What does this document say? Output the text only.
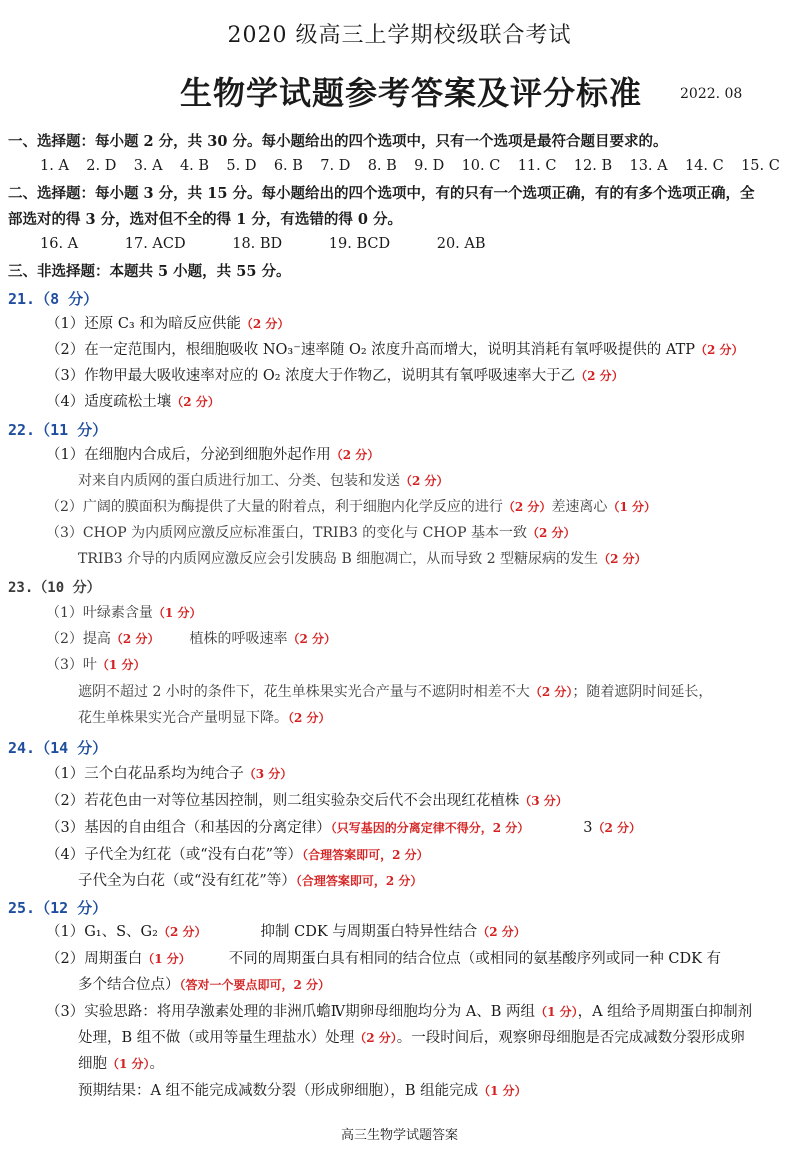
2020 级高三上学期校级联合考试
生物学试题参考答案及评分标准	2022. 08
一、选择题：每小题 2 分，共 30 分。每小题给出的四个选项中，只有一个选项是最符合题目要求的。
1. A 2. D 3. A 4. B 5. D 6. B 7. D 8. B 9. D 10. C 11. C 12. B 13. A 14. C 15. C
二、选择题：每小题 3 分，共 15 分。每小题给出的四个选项中，有的只有一个选项正确，有的有多个选项正确，全
部选对的得 3 分，选对但不全的得 1 分，有选错的得 0 分。
16. A	17. ACD	18. BD	19. BCD	20. AB
三、非选择题：本题共 5 小题，共 55 分。
21.（8 分）
（1）还原 C₃ 和为暗反应供能（2 分）
（2）在一定范围内，根细胞吸收 NO₃⁻速率随 O₂ 浓度升高而增大，说明其消耗有氧呼吸提供的 ATP（2 分）
（3）作物甲最大吸收速率对应的 O₂ 浓度大于作物乙，说明其有氧呼吸速率大于乙（2 分）
（4）适度疏松土壤（2 分）
22.（11 分）
（1）在细胞内合成后，分泌到细胞外起作用（2 分）
对来自内质网的蛋白质进行加工、分类、包装和发送（2 分）
（2）广阔的膜面积为酶提供了大量的附着点，利于细胞内化学反应的进行（2 分）差速离心（1 分）
（3）CHOP 为内质网应激反应标准蛋白，TRIB3 的变化与 CHOP 基本一致（2 分）
TRIB3 介导的内质网应激反应会引发胰岛 B 细胞凋亡，从而导致 2 型糖尿病的发生（2 分）
23.（10 分）
（1）叶绿素含量（1 分）
（2）提高（2 分） 植株的呼吸速率（2 分）
（3）叶（1 分）
遮阴不超过 2 小时的条件下，花生单株果实光合产量与不遮阴时相差不大（2 分）；随着遮阴时间延长，
花生单株果实光合产量明显下降。（2 分）
24.（14 分）
（1）三个白花品系均为纯合子（3 分）
（2）若花色由一对等位基因控制，则二组实验杂交后代不会出现红花植株（3 分）
（3）基因的自由组合（和基因的分离定律）（只写基因的分离定律不得分，2 分）	3（2 分）
（4）子代全为红花（或“没有白花”等）（合理答案即可，2 分）
子代全为白花（或“没有红花”等）（合理答案即可，2 分）
25.（12 分）
（1）G₁、S、G₂（2 分）	抑制 CDK 与周期蛋白特异性结合（2 分）
（2）周期蛋白（1 分）	不同的周期蛋白具有相同的结合位点（或相同的氨基酸序列或同一种 CDK 有
多个结合位点）（答对一个要点即可，2 分）
（3）实验思路：将用孕激素处理的非洲爪蟾Ⅳ期卵母细胞均分为 A、B 两组（1 分），A 组给予周期蛋白抑制剂
处理，B 组不做（或用等量生理盐水）处理（2 分）。一段时间后，观察卵母细胞是否完成减数分裂形成卵
细胞（1 分）。
预期结果：A 组不能完成减数分裂（形成卵细胞），B 组能完成（1 分）
高三生物学试题答案
